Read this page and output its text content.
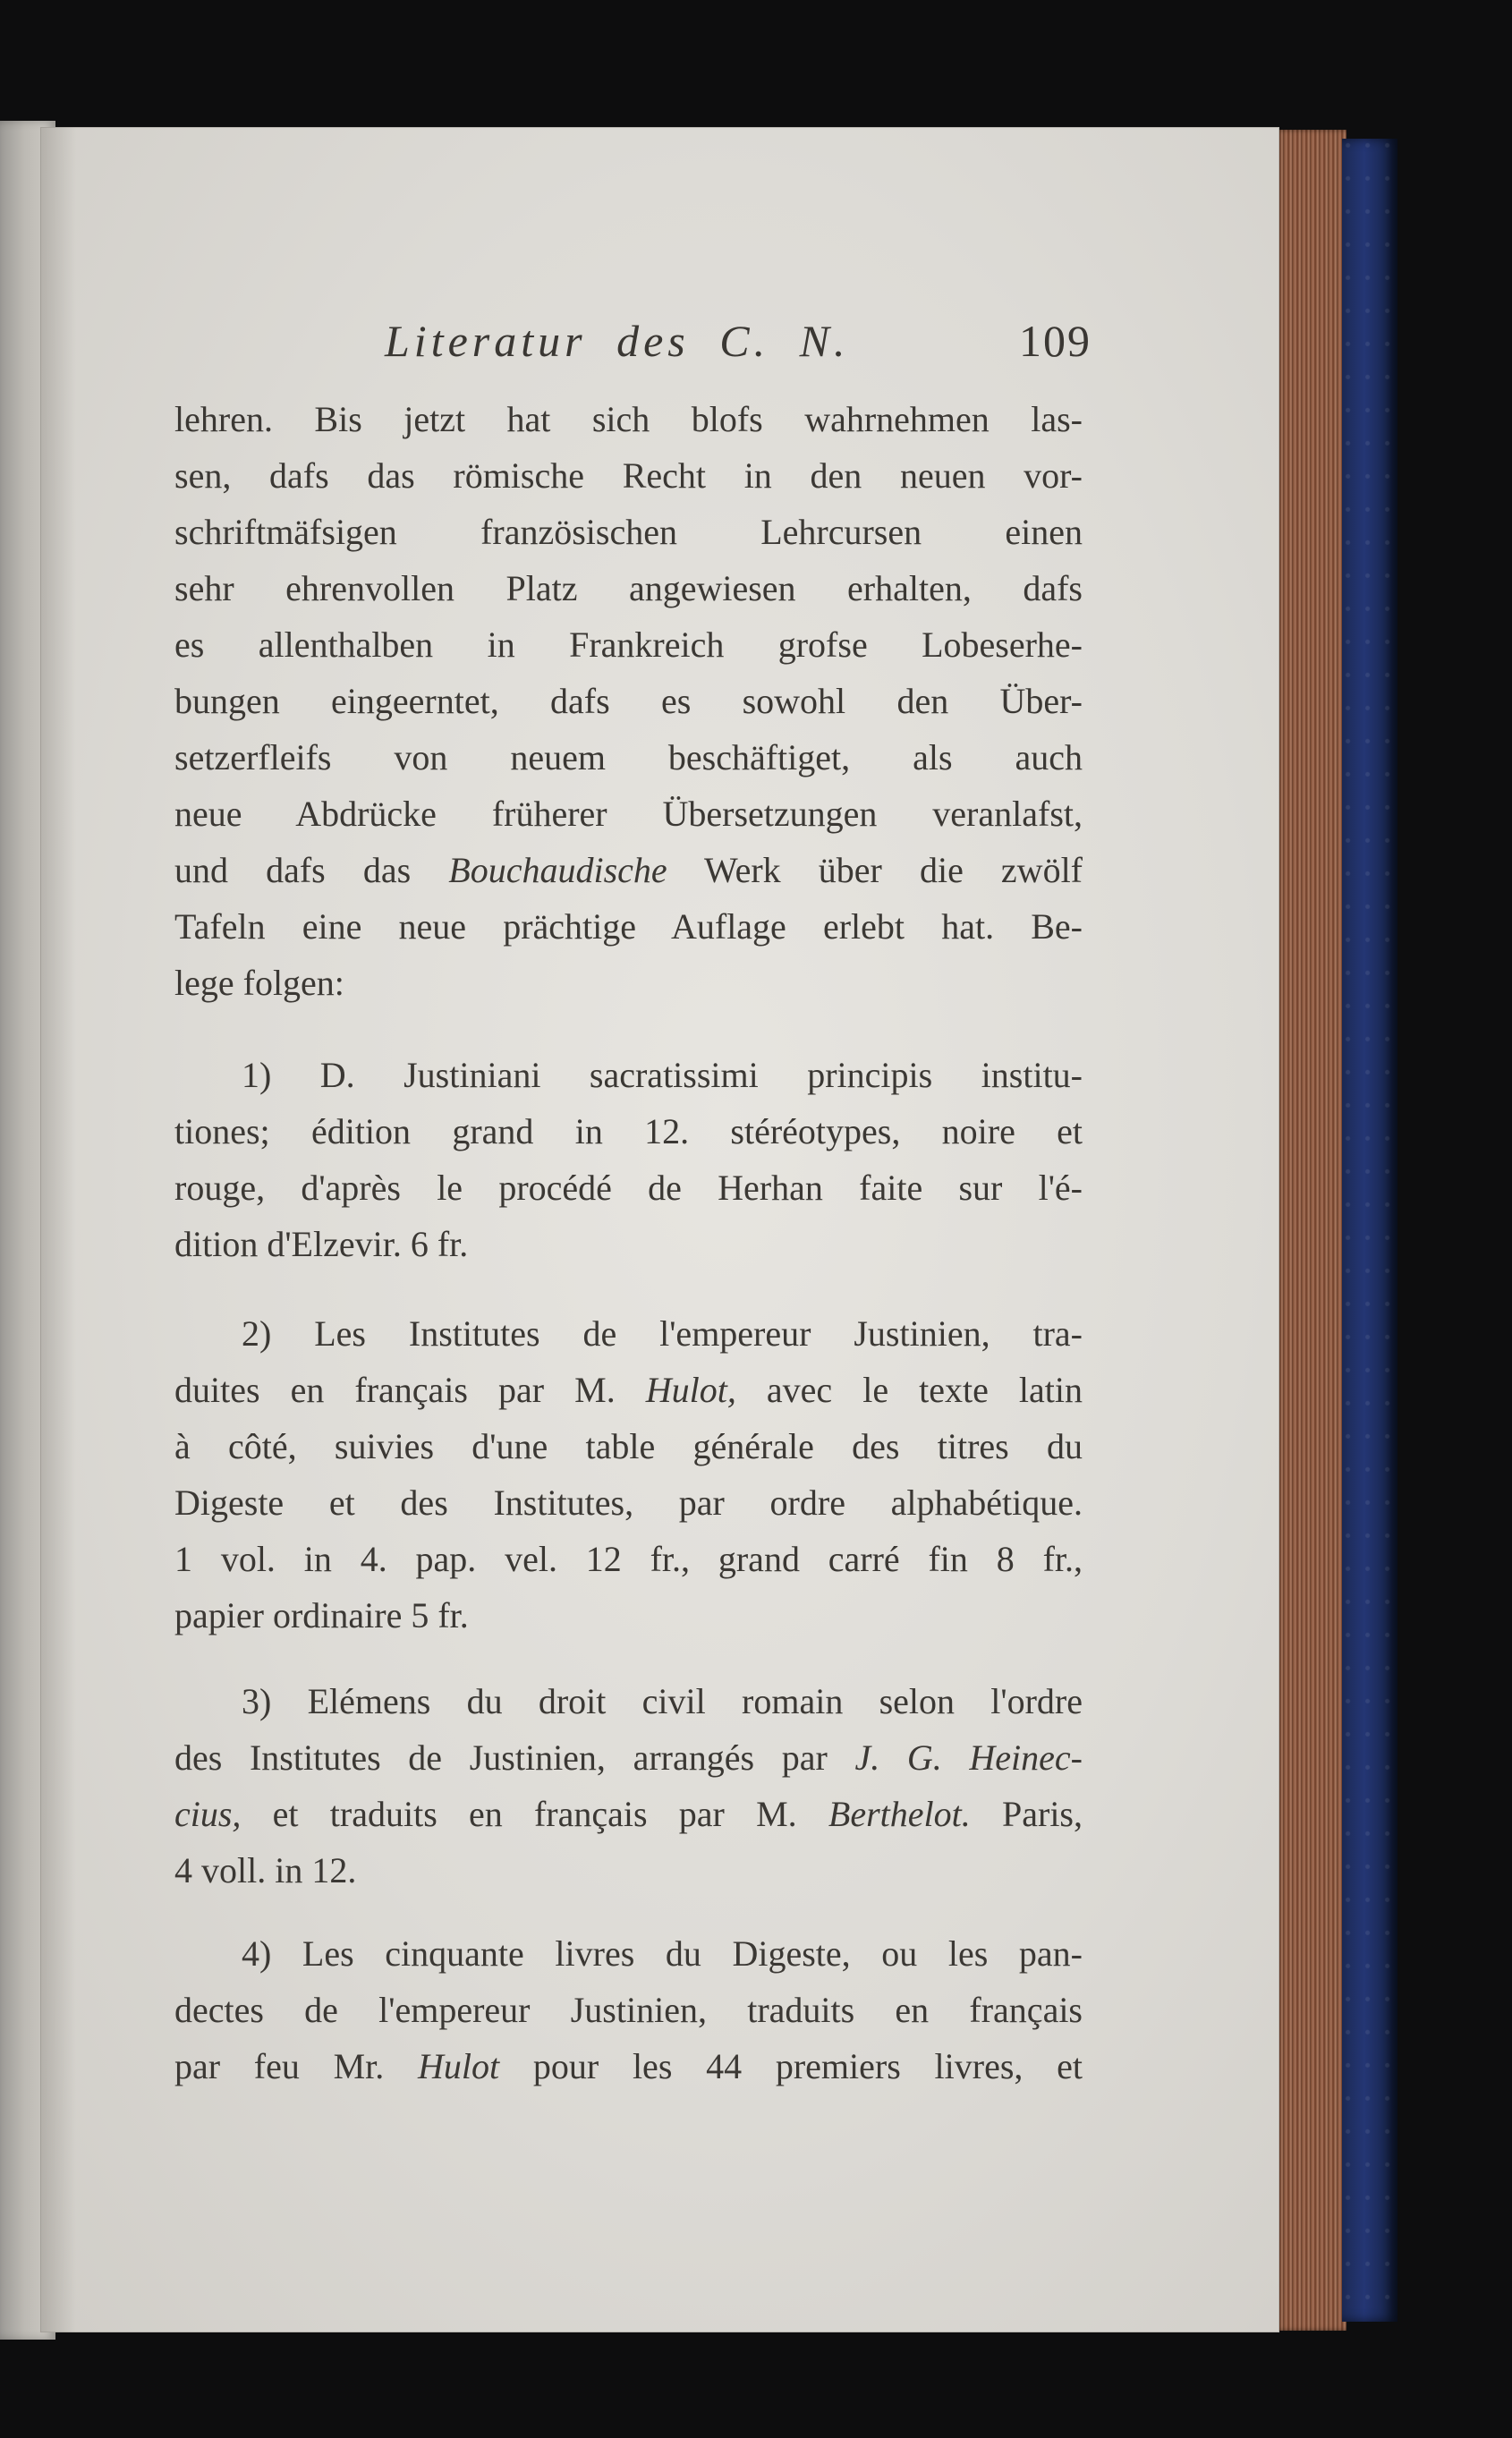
Literatur des C. N.	109
lehren. Bis jetzt hat sich blofs wahrnehmen las-
sen, dafs das römische Recht in den neuen vor-
schriftmäfsigen französischen Lehrcursen einen
sehr ehrenvollen Platz angewiesen erhalten, dafs
es allenthalben in Frankreich grofse Lobeserhe-
bungen eingeerntet, dafs es sowohl den Über-
setzerfleifs von neuem beschäftiget, als auch
neue Abdrücke früherer Übersetzungen veranlafst,
und dafs das Bouchaudische Werk über die zwölf
Tafeln eine neue prächtige Auflage erlebt hat. Be-
lege folgen:
1) D. Justiniani sacratissimi principis institu-
tiones; édition grand in 12. stéréotypes, noire et
rouge, d'après le procédé de Herhan faite sur l'é-
dition d'Elzevir. 6 fr.
2) Les Institutes de l'empereur Justinien, tra-
duites en français par M. Hulot, avec le texte latin
à côté, suivies d'une table générale des titres du
Digeste et des Institutes, par ordre alphabétique.
1 vol. in 4. pap. vel. 12 fr., grand carré fin 8 fr.,
papier ordinaire 5 fr.
3) Elémens du droit civil romain selon l'ordre
des Institutes de Justinien, arrangés par J. G. Heinec-
cius, et traduits en français par M. Berthelot. Paris,
4 voll. in 12.
4) Les cinquante livres du Digeste, ou les pan-
dectes de l'empereur Justinien, traduits en français
par feu Mr. Hulot pour les 44 premiers livres, et
